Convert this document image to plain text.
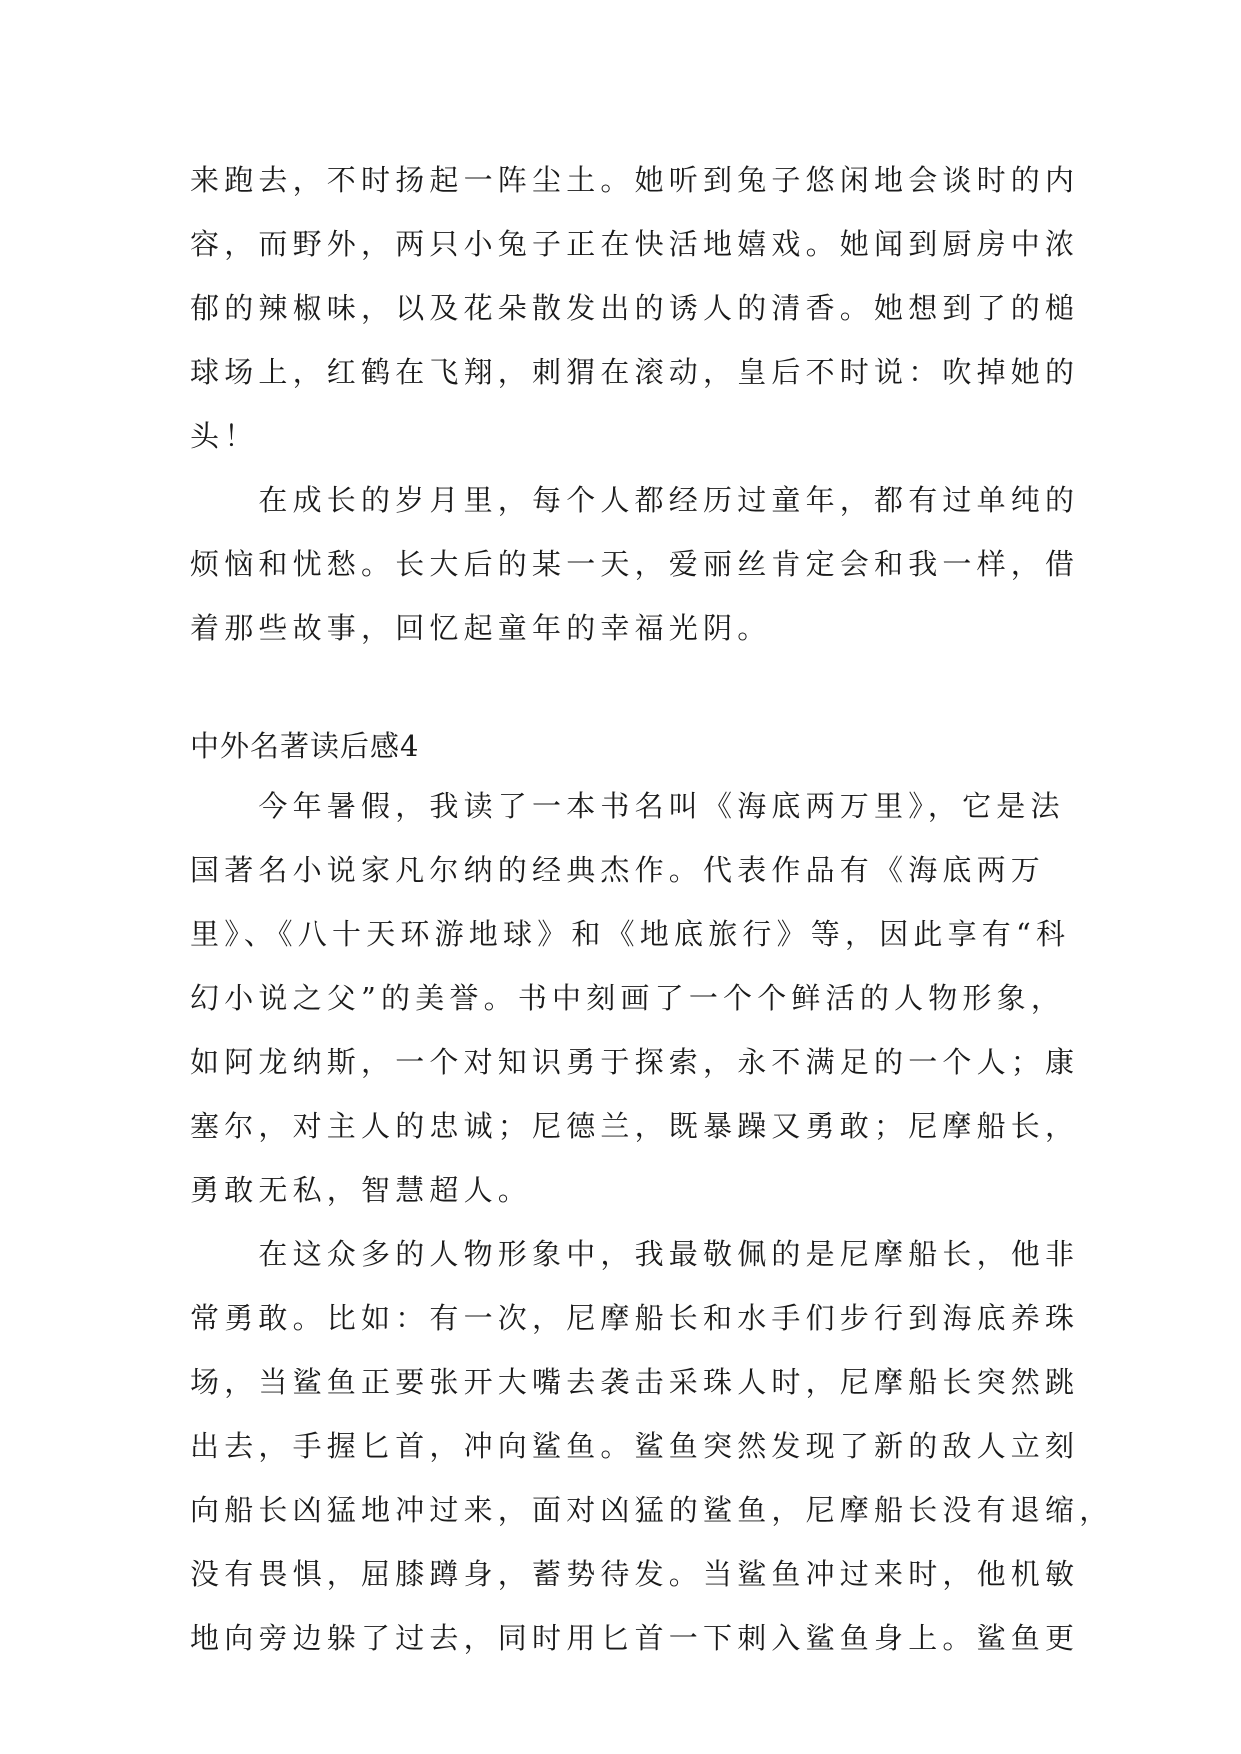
来跑去，不时扬起一阵尘土。她听到兔子悠闲地会谈时的内
容，而野外，两只小兔子正在快活地嬉戏。她闻到厨房中浓
郁的辣椒味，以及花朵散发出的诱人的清香。她想到了的槌
球场上，红鹤在飞翔，刺猬在滚动，皇后不时说：吹掉她的
头！
　　在成长的岁月里，每个人都经历过童年，都有过单纯的
烦恼和忧愁。长大后的某一天，爱丽丝肯定会和我一样，借
着那些故事，回忆起童年的幸福光阴。
中外名著读后感4
　　今年暑假，我读了一本书名叫《海底两万里》，它是法
国著名小说家凡尔纳的经典杰作。代表作品有《海底两万
里》、《八十天环游地球》和《地底旅行》等，因此享有“科
幻小说之父”的美誉。书中刻画了一个个鲜活的人物形象，
如阿龙纳斯，一个对知识勇于探索，永不满足的一个人；康
塞尔，对主人的忠诚；尼德兰，既暴躁又勇敢；尼摩船长，
勇敢无私，智慧超人。
　　在这众多的人物形象中，我最敬佩的是尼摩船长，他非
常勇敢。比如：有一次，尼摩船长和水手们步行到海底养珠
场，当鲨鱼正要张开大嘴去袭击采珠人时，尼摩船长突然跳
出去，手握匕首，冲向鲨鱼。鲨鱼突然发现了新的敌人立刻
向船长凶猛地冲过来，面对凶猛的鲨鱼，尼摩船长没有退缩，
没有畏惧，屈膝蹲身，蓄势待发。当鲨鱼冲过来时，他机敏
地向旁边躲了过去，同时用匕首一下刺入鲨鱼身上。鲨鱼更
